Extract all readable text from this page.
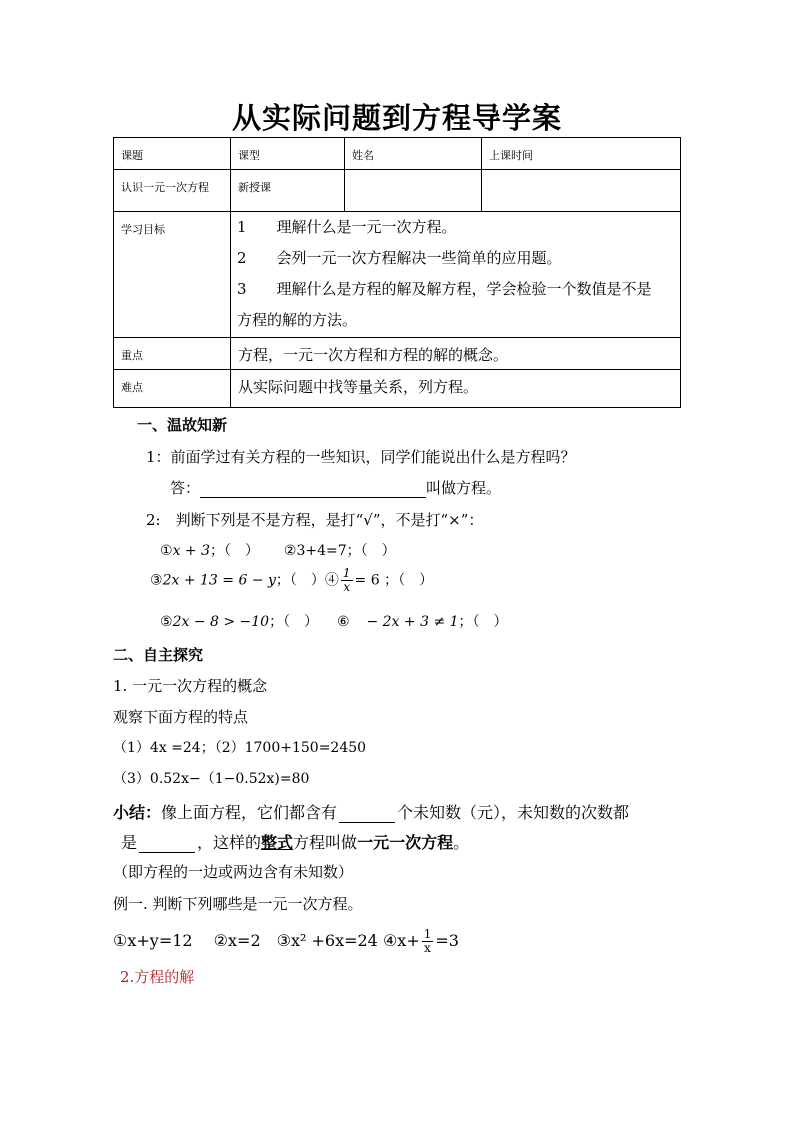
从实际问题到方程导学案
课题	课型	姓名	上课时间

认识一元一次方程	新授课		

学习目标	1　　理解什么是一元一次方程。
2　　会列一元一次方程解决一些简单的应用题。
3　　理解什么是方程的解及解方程，学会检验一个数值是不是
方程的解的方法。		

重点	方程，一元一次方程和方程的解的概念。		

难点	从实际问题中找等量关系，列方程。		
一、温故知新
1：前面学过有关方程的一些知识，同学们能说出什么是方程吗？
答：	叫做方程。
2:　判断下列是不是方程，是打“√”，不是打“×”：
①x + 3；（　） ②3+4=7；（　）
③2x + 13 = 6 − y；（　）④ $\frac{1}{x} = 6$ ；（　）
⑤2x − 8 > −10；（　） ⑥ − 2x + 3 ≠ 1；（　）
二、自主探究
1. 一元一次方程的概念
观察下面方程的特点
（1）4x =24；（2）1700+150=2450
（3）0.52x−（1−0.52x)=80
小结：像上面方程，它们都含有	个未知数（元），未知数的次数都
是	，这样的整式方程叫做一元一次方程。
（即方程的一边或两边含有未知数）
例一. 判断下列哪些是一元一次方程。
①x+y=12　 ②x=2　③x² +6x=24 ④x+ $\frac{1}{x} =3$
2.方程的解
